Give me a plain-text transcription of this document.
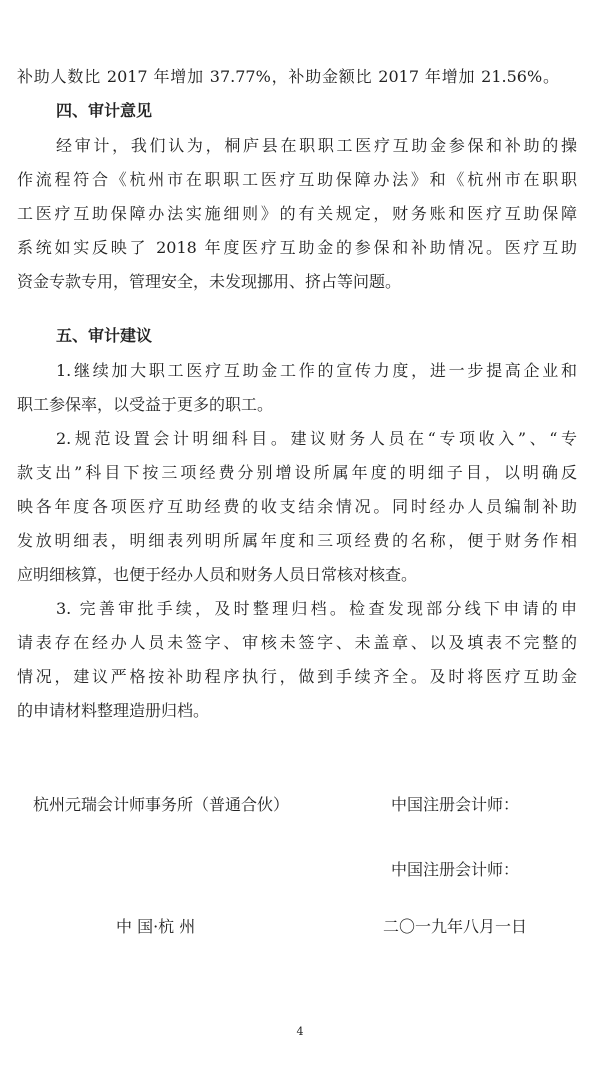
补助人数比 2017 年增加 37.77%，补助金额比 2017 年增加 21.56%。
四、审计意见
经审计，我们认为，桐庐县在职职工医疗互助金参保和补助的操
作流程符合《杭州市在职职工医疗互助保障办法》和《杭州市在职职
工医疗互助保障办法实施细则》的有关规定，财务账和医疗互助保障
系统如实反映了 2018 年度医疗互助金的参保和补助情况。医疗互助
资金专款专用，管理安全，未发现挪用、挤占等问题。
五、审计建议
1.继续加大职工医疗互助金工作的宣传力度，进一步提高企业和
职工参保率，以受益于更多的职工。
2.规范设置会计明细科目。建议财务人员在“专项收入”、“专
款支出”科目下按三项经费分别增设所属年度的明细子目，以明确反
映各年度各项医疗互助经费的收支结余情况。同时经办人员编制补助
发放明细表，明细表列明所属年度和三项经费的名称，便于财务作相
应明细核算，也便于经办人员和财务人员日常核对核查。
3. 完善审批手续，及时整理归档。检查发现部分线下申请的申
请表存在经办人员未签字、审核未签字、未盖章、以及填表不完整的
情况，建议严格按补助程序执行，做到手续齐全。及时将医疗互助金
的申请材料整理造册归档。
杭州元瑞会计师事务所（普通合伙）	中国注册会计师：
中国注册会计师：
中 国·杭 州	二〇一九年八月一日
4
